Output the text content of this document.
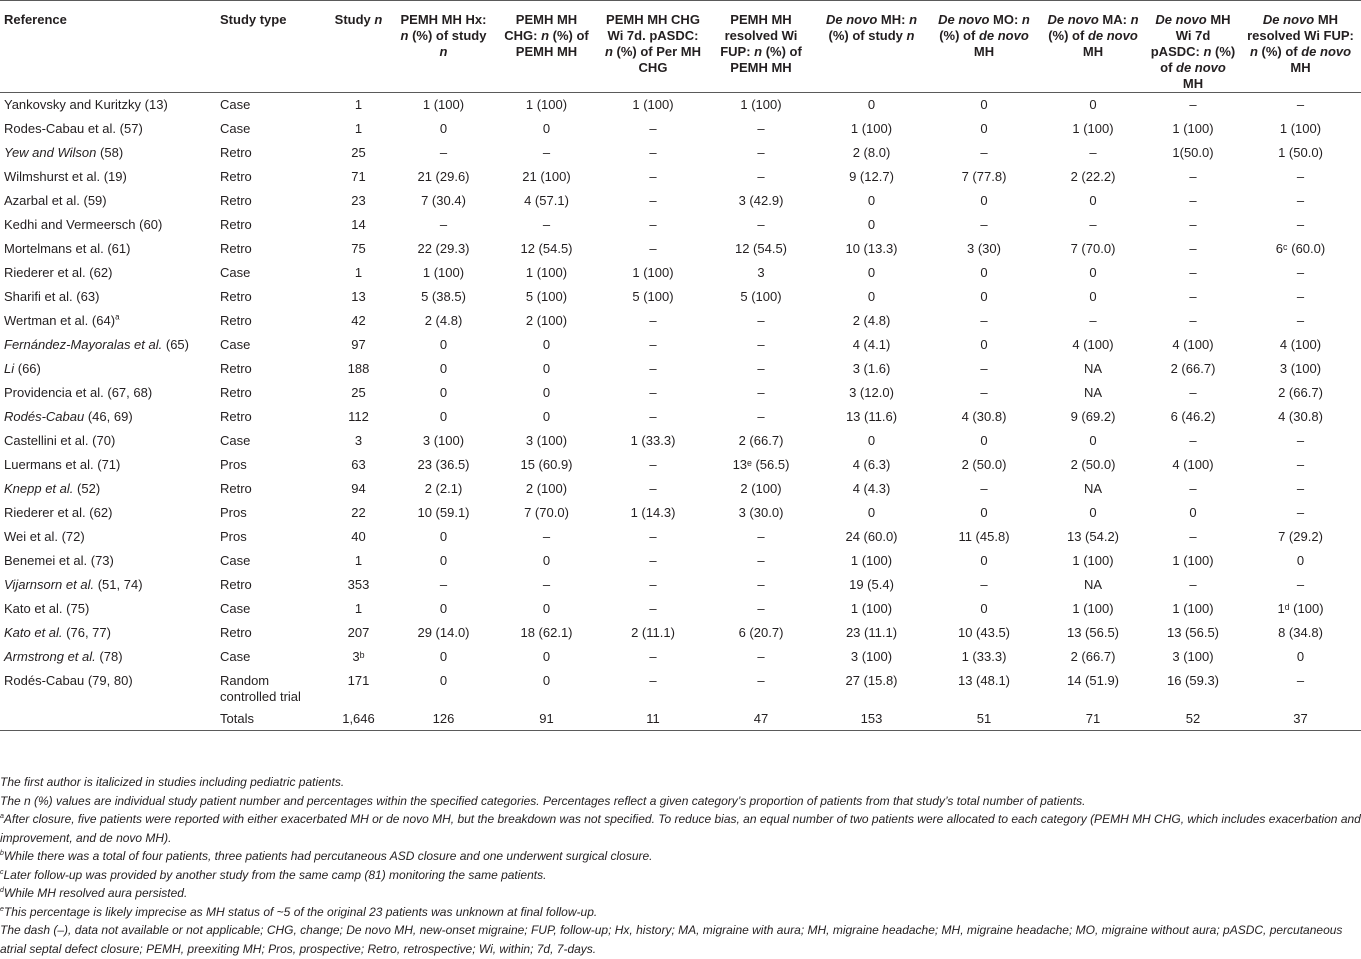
Reference	Study type	Study n	PEMH MH Hx: n (%) of study n	PEMH MH CHG: n (%) of PEMH MH	PEMH MH CHG Wi 7d. pASDC: n (%) of Per MH CHG	PEMH MH resolved Wi FUP: n (%) of PEMH MH	De novo MH: n (%) of study n	De novo MO: n (%) of de novo MH	De novo MA: n (%) of de novo MH	De novo MH Wi 7d pASDC: n (%) of de novo MH	De novo MH resolved Wi FUP: n (%) of de novo MH
Yankovsky and Kuritzky (13)	Case	1	1 (100)	1 (100)	1 (100)	1 (100)	0	0	0	–	–
Rodes-Cabau et al. (57)	Case	1	0	0	–	–	1 (100)	0	1 (100)	1 (100)	1 (100)
Yew and Wilson (58)	Retro	25	–	–	–	–	2 (8.0)	–	–	1(50.0)	1 (50.0)
Wilmshurst et al. (19)	Retro	71	21 (29.6)	21 (100)	–	–	9 (12.7)	7 (77.8)	2 (22.2)	–	–
Azarbal et al. (59)	Retro	23	7 (30.4)	4 (57.1)	–	3 (42.9)	0	0	0	–	–
Kedhi and Vermeersch (60)	Retro	14	–	–	–	–	0	–	–	–	–
Mortelmans et al. (61)	Retro	75	22 (29.3)	12 (54.5)	–	12 (54.5)	10 (13.3)	3 (30)	7 (70.0)	–	6ᶜ (60.0)
Riederer et al. (62)	Case	1	1 (100)	1 (100)	1 (100)	3	0	0	0	–	–
Sharifi et al. (63)	Retro	13	5 (38.5)	5 (100)	5 (100)	5 (100)	0	0	0	–	–
Wertman et al. $(64)^a$	Retro	42	2 (4.8)	2 (100)	–	–	2 (4.8)	–	–	–	–
Fernández-Mayoralas et al. (65)	Case	97	0	0	–	–	4 (4.1)	0	4 (100)	4 (100)	4 (100)
Li (66)	Retro	188	0	0	–	–	3 (1.6)	–	NA	2 (66.7)	3 (100)
Providencia et al. (67, 68)	Retro	25	0	0	–	–	3 (12.0)	–	NA	–	2 (66.7)
Rodés-Cabau (46, 69)	Retro	112	0	0	–	–	13 (11.6)	4 (30.8)	9 (69.2)	6 (46.2)	4 (30.8)
Castellini et al. (70)	Case	3	3 (100)	3 (100)	1 (33.3)	2 (66.7)	0	0	0	–	–
Luermans et al. (71)	Pros	63	23 (36.5)	15 (60.9)	–	13ᵉ (56.5)	4 (6.3)	2 (50.0)	2 (50.0)	4 (100)	–
Knepp et al. (52)	Retro	94	2 (2.1)	2 (100)	–	2 (100)	4 (4.3)	–	NA	–	–
Riederer et al. (62)	Pros	22	10 (59.1)	7 (70.0)	1 (14.3)	3 (30.0)	0	0	0	0	–
Wei et al. (72)	Pros	40	0	–	–	–	24 (60.0)	11 (45.8)	13 (54.2)	–	7 (29.2)
Benemei et al. (73)	Case	1	0	0	–	–	1 (100)	0	1 (100)	1 (100)	0
Vijarnsorn et al. (51, 74)	Retro	353	–	–	–	–	19 (5.4)	–	NA	–	–
Kato et al. (75)	Case	1	0	0	–	–	1 (100)	0	1 (100)	1 (100)	1ᵈ (100)
Kato et al. (76, 77)	Retro	207	29 (14.0)	18 (62.1)	2 (11.1)	6 (20.7)	23 (11.1)	10 (43.5)	13 (56.5)	13 (56.5)	8 (34.8)
Armstrong et al. (78)	Case	3ᵇ	0	0	–	–	3 (100)	1 (33.3)	2 (66.7)	3 (100)	0
Rodés-Cabau (79, 80)	Random controlled trial	171	0	0	–	–	27 (15.8)	13 (48.1)	14 (51.9)	16 (59.3)	–
	Totals	1,646	126	91	11	47	153	51	71	52	37

The first author is italicized in studies including pediatric patients.

The n (%) values are individual study patient number and percentages within the specified categories. Percentages reflect a given category’s proportion of patients from that study’s total number of patients.

$^a$After closure, five patients were reported with either exacerbated MH or de novo MH, but the breakdown was not specified. To reduce bias, an equal number of two patients were allocated to each category (PEMH MH CHG, which includes exacerbation and improvement, and de novo MH).

$^b$While there was a total of four patients, three patients had percutaneous ASD closure and one underwent surgical closure.

$^c$Later follow-up was provided by another study from the same camp (81) monitoring the same patients.

$^d$While MH resolved aura persisted.

$^e$This percentage is likely imprecise as MH status of ~5 of the original 23 patients was unknown at final follow-up.

The dash (–), data not available or not applicable; CHG, change; De novo MH, new-onset migraine; FUP, follow-up; Hx, history; MA, migraine with aura; MH, migraine headache; MH, migraine headache; MO, migraine without aura; pASDC, percutaneous atrial septal defect closure; PEMH, preexiting MH; Pros, prospective; Retro, retrospective; Wi, within; 7d, 7-days.
